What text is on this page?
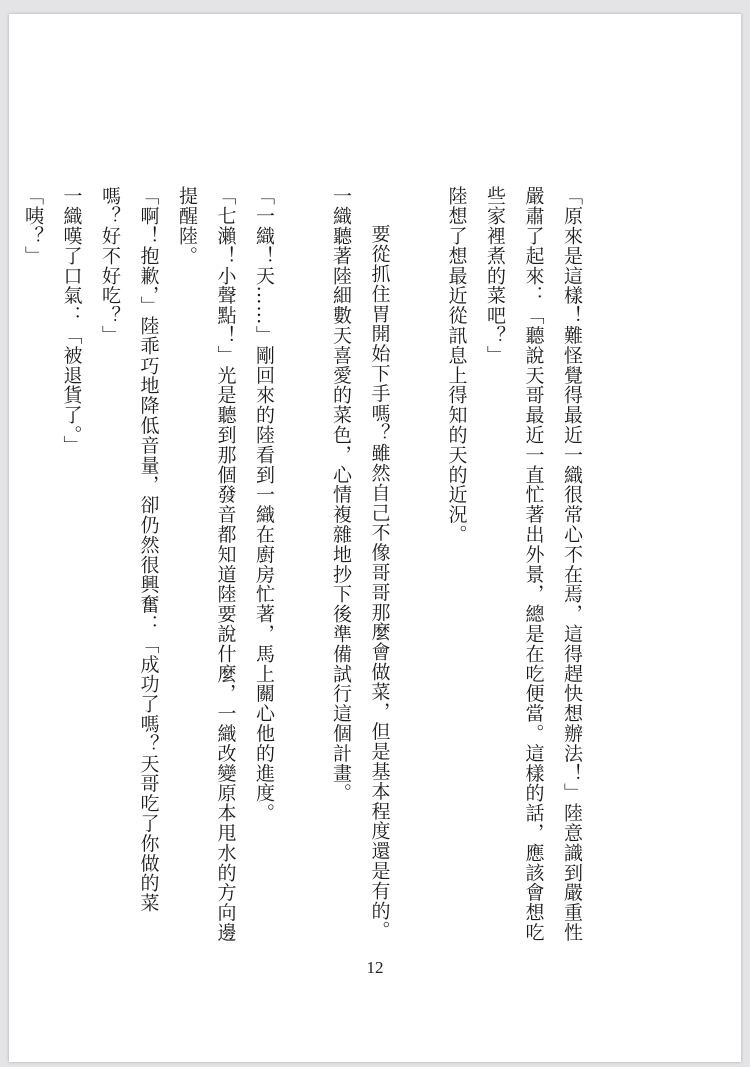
「原來是這樣！難怪覺得最近一織很常心不在焉，這得趕快想辦法！」陸意識到嚴重性嚴肅了起來：「聽說天哥最近一直忙著出外景，總是在吃便當。這樣的話，應該會想吃些家裡煮的菜吧？」

陸想了想最近從訊息上得知的天的近況。

要從抓住胃開始下手嗎？雖然自己不像哥哥那麼會做菜，但是基本程度還是有的。一織聽著陸細數天喜愛的菜色，心情複雜地抄下後準備試行這個計畫。

「一織！天……」剛回來的陸看到一織在廚房忙著，馬上關心他的進度。

「七瀨！小聲點！」光是聽到那個發音都知道陸要說什麼，一織改變原本甩水的方向邊提醒陸。

「啊！抱歉，」陸乖巧地降低音量，卻仍然很興奮：「成功了嗎？天哥吃了你做的菜嗎？好不好吃？」

一織嘆了口氣：「被退貨了。」

「咦？」

12
